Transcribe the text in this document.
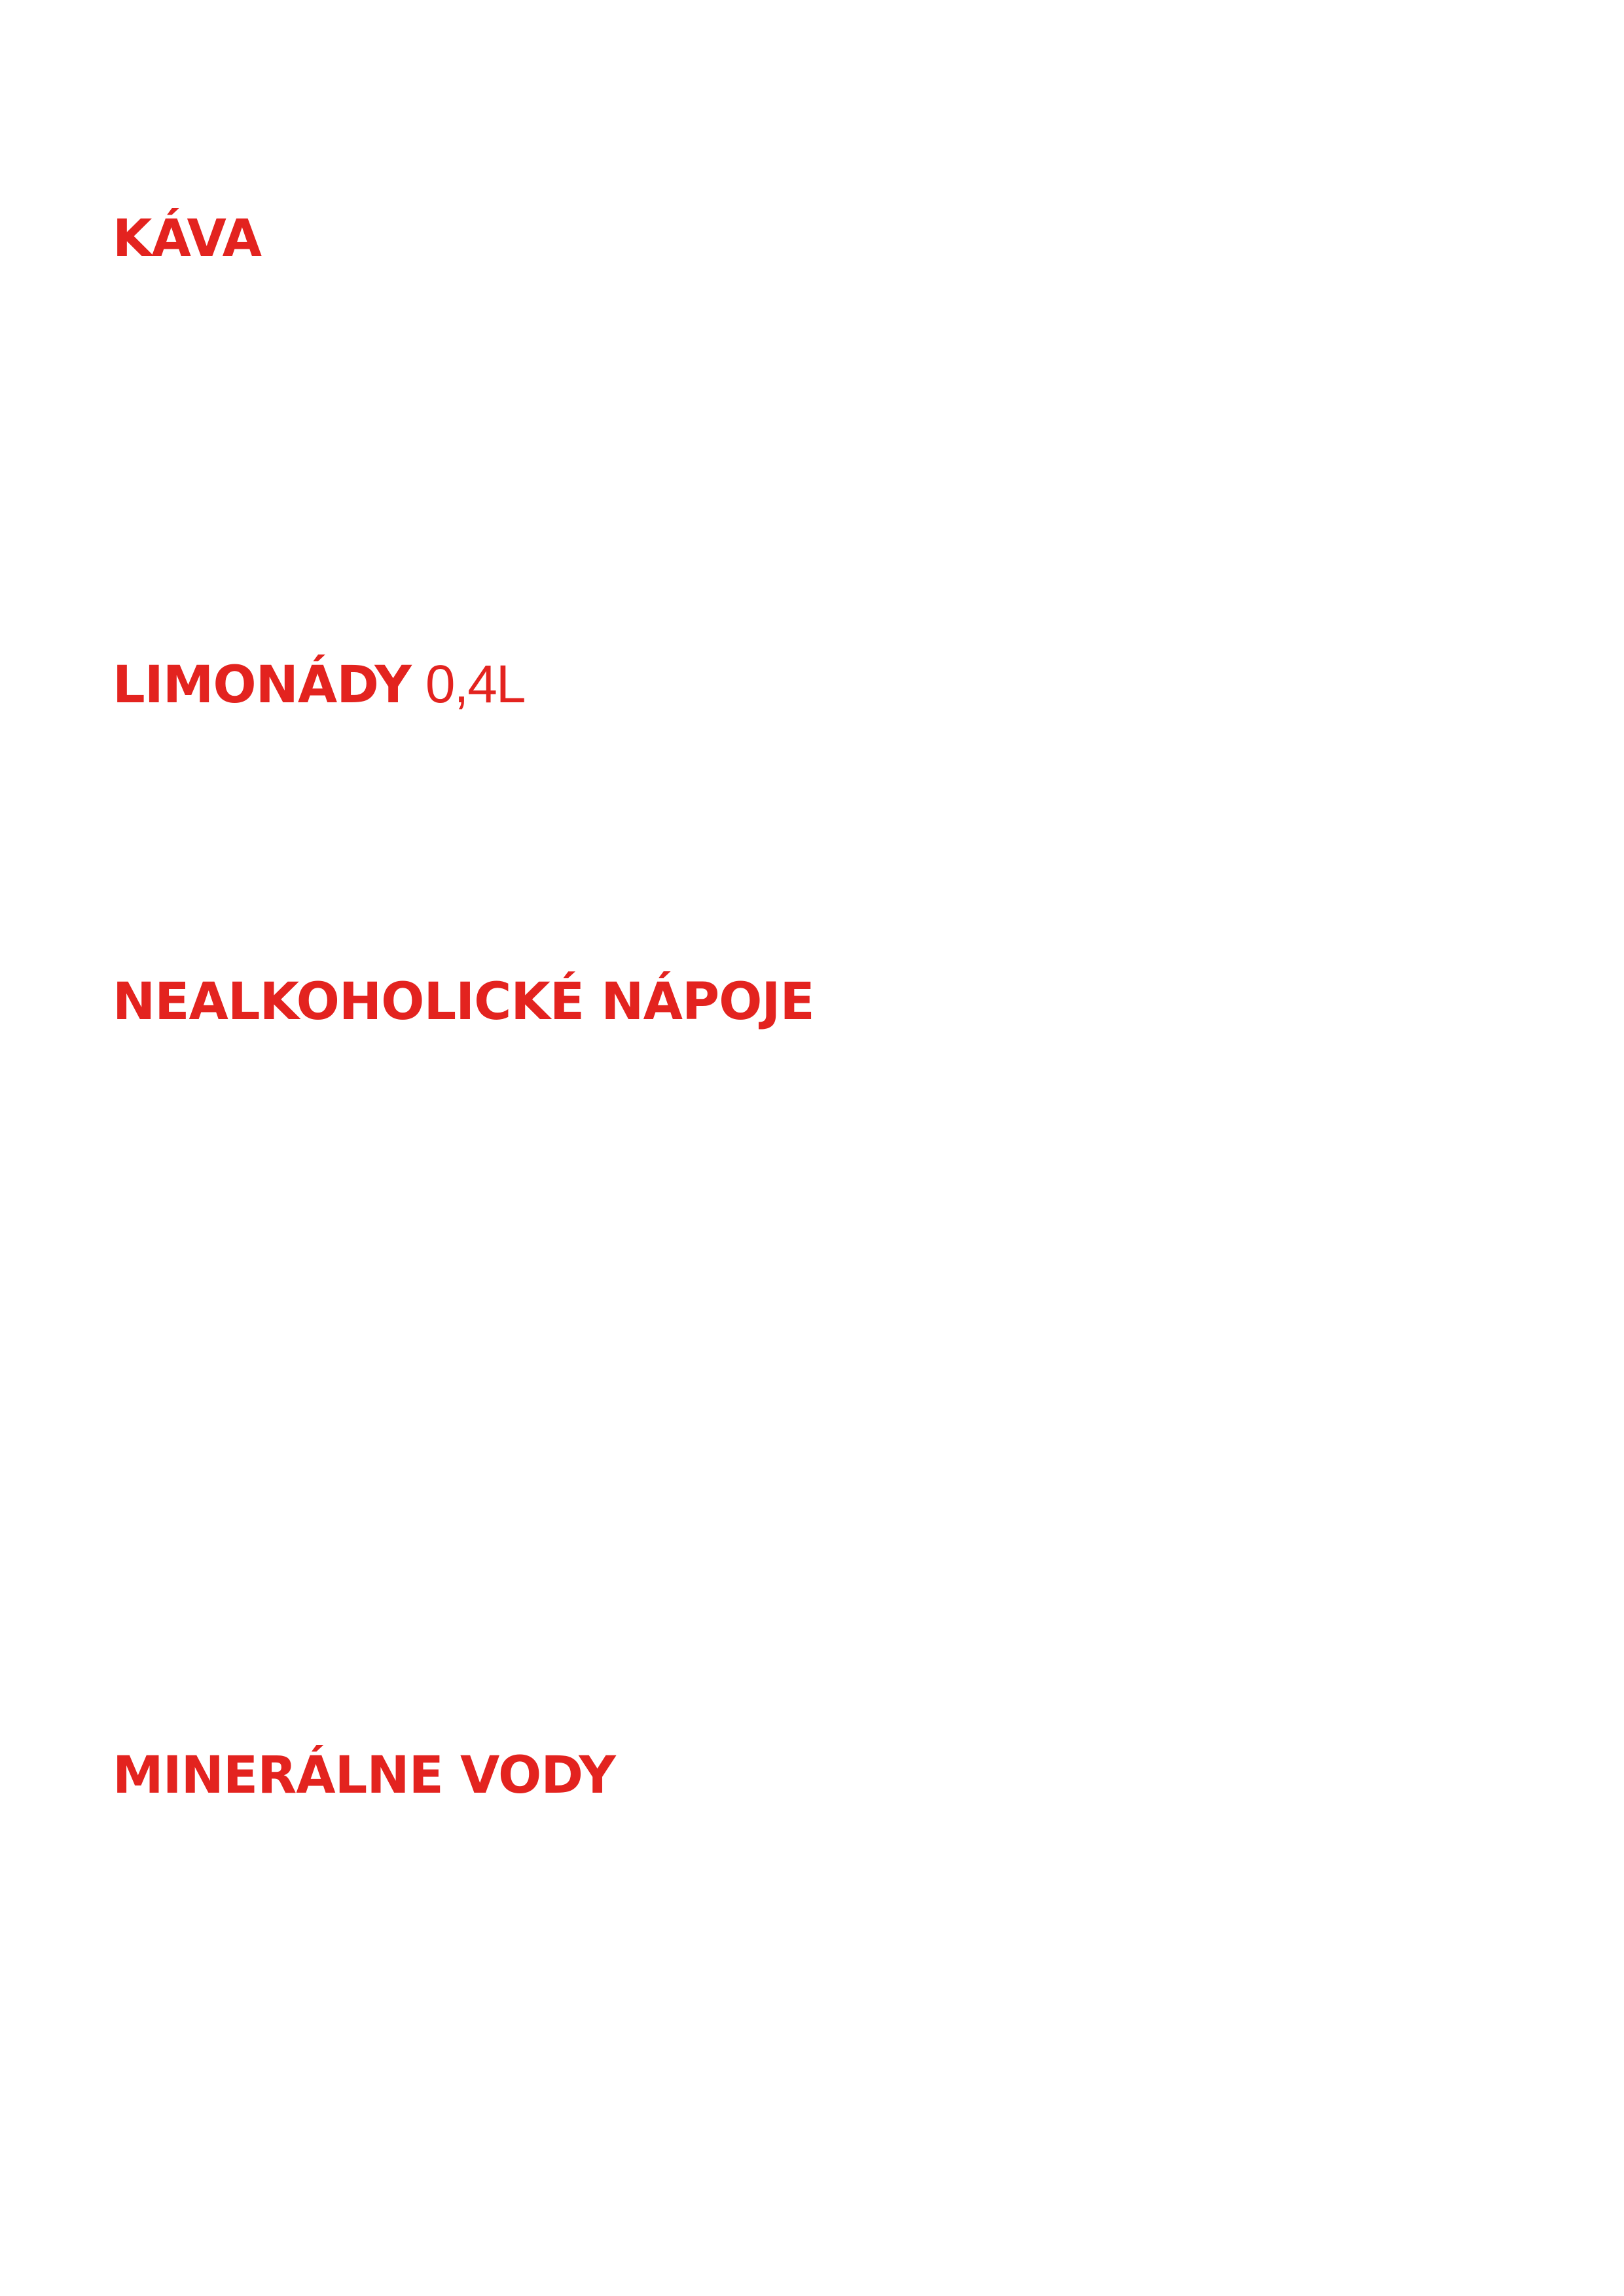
KÁVA
LIMONÁDY 0,4L
NEALKOHOLICKÉ NÁPOJE
MINERÁLNE VODY
